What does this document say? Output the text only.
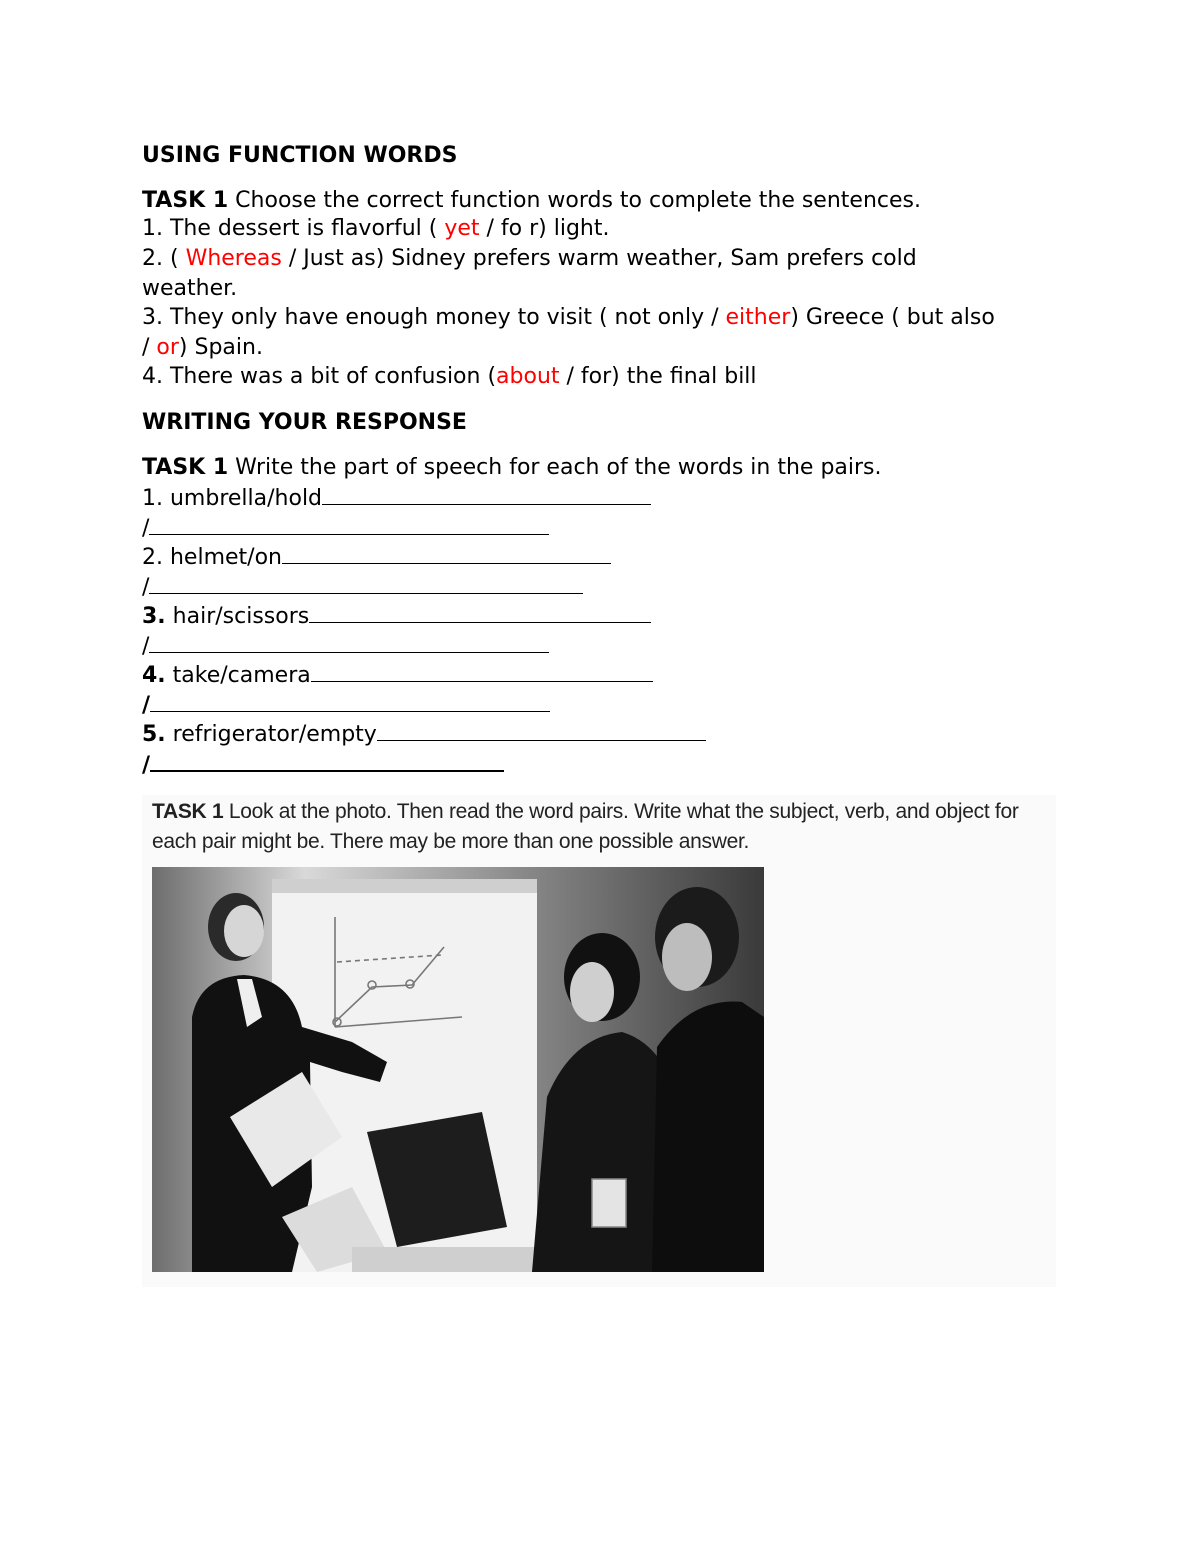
USING FUNCTION WORDS
TASK 1 Choose the correct function words to complete the sentences.
1. The dessert is flavorful ( yet / fo r) light.
2. ( Whereas / Just as) Sidney prefers warm weather, Sam prefers cold
weather.
3. They only have enough money to visit ( not only / either) Greece ( but also
/ or) Spain.
4. There was a bit of confusion (about / for) the final bill
WRITING YOUR RESPONSE
TASK 1 Write the part of speech for each of the words in the pairs.
1. umbrella/hold
/
2. helmet/on
/
3. hair/scissors
/
4. take/camera
/
5. refrigerator/empty
/
TASK 1 Look at the photo. Then read the word pairs. Write what the subject, verb, and object for each pair might be. There may be more than one possible answer.
